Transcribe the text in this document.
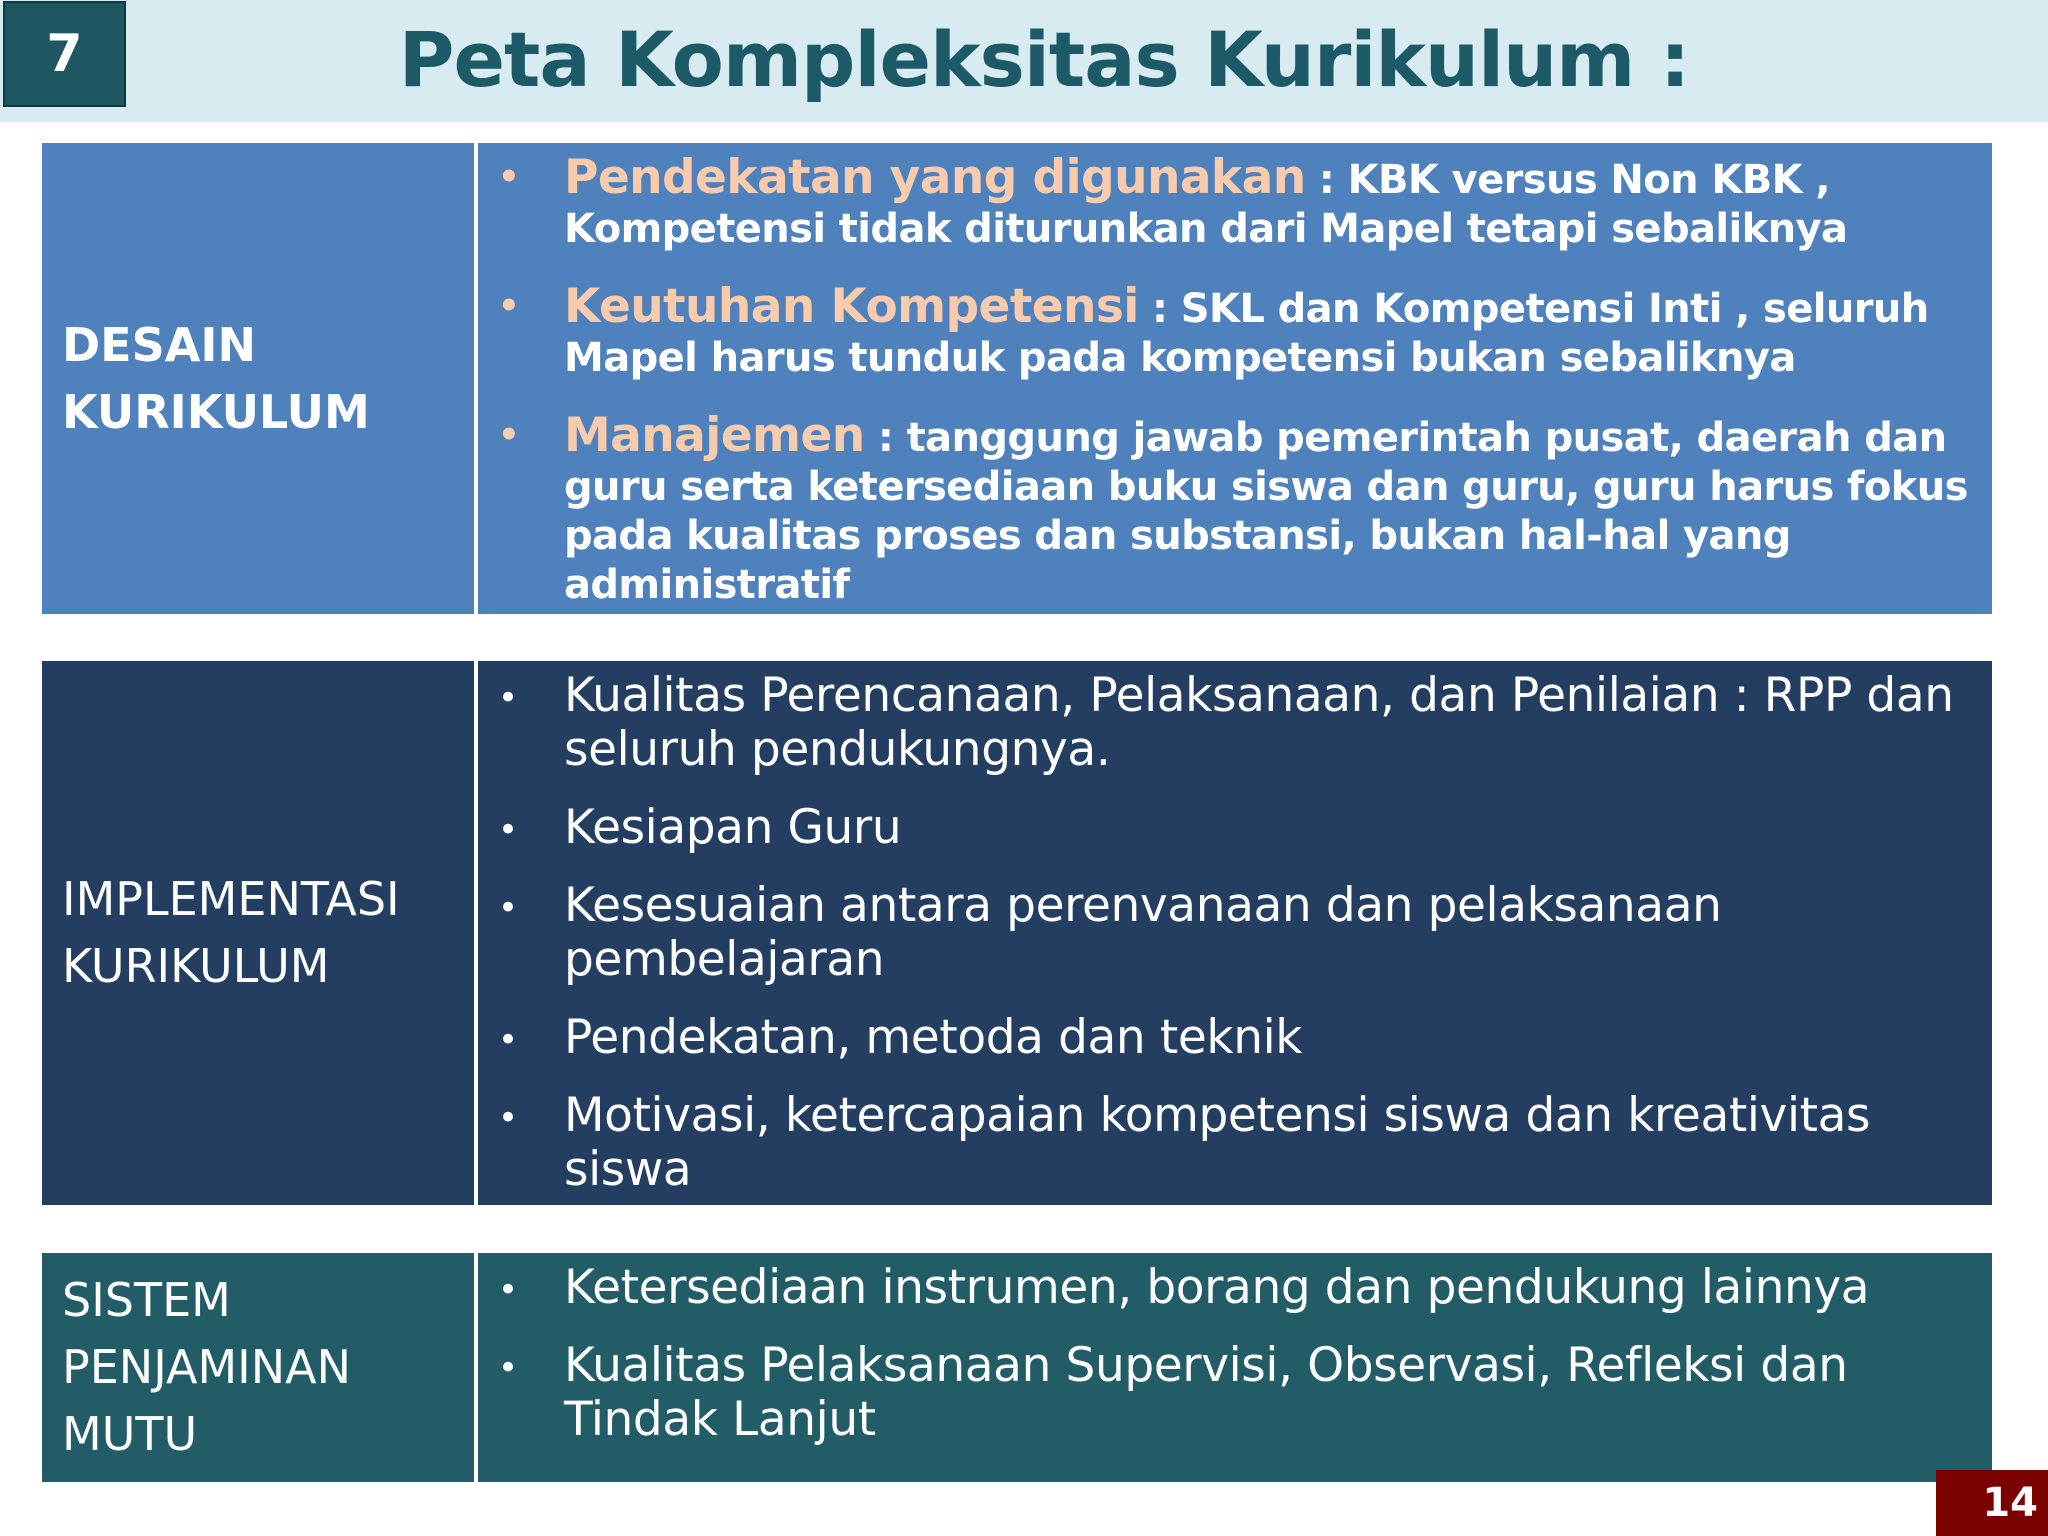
7	Peta Kompleksitas Kurikulum :
DESAIN
KURIKULUM
• Pendekatan yang digunakan : KBK versus Non KBK ,
Kompetensi tidak diturunkan dari Mapel tetapi sebaliknya
• Keutuhan Kompetensi : SKL dan Kompetensi Inti , seluruh
Mapel harus tunduk pada kompetensi bukan sebaliknya
• Manajemen : tanggung jawab pemerintah pusat, daerah dan
guru serta ketersediaan buku siswa dan guru, guru harus fokus
pada kualitas proses dan substansi, bukan hal-hal yang
administratif
IMPLEMENTASI
KURIKULUM
• Kualitas Perencanaan, Pelaksanaan, dan Penilaian : RPP dan
seluruh pendukungnya.
• Kesiapan Guru
• Kesesuaian antara perenvanaan dan pelaksanaan
pembelajaran
• Pendekatan, metoda dan teknik
• Motivasi, ketercapaian kompetensi siswa dan kreativitas
siswa
SISTEM
PENJAMINAN
MUTU
• Ketersediaan instrumen, borang dan pendukung lainnya
• Kualitas Pelaksanaan Supervisi, Observasi, Refleksi dan
Tindak Lanjut
14
